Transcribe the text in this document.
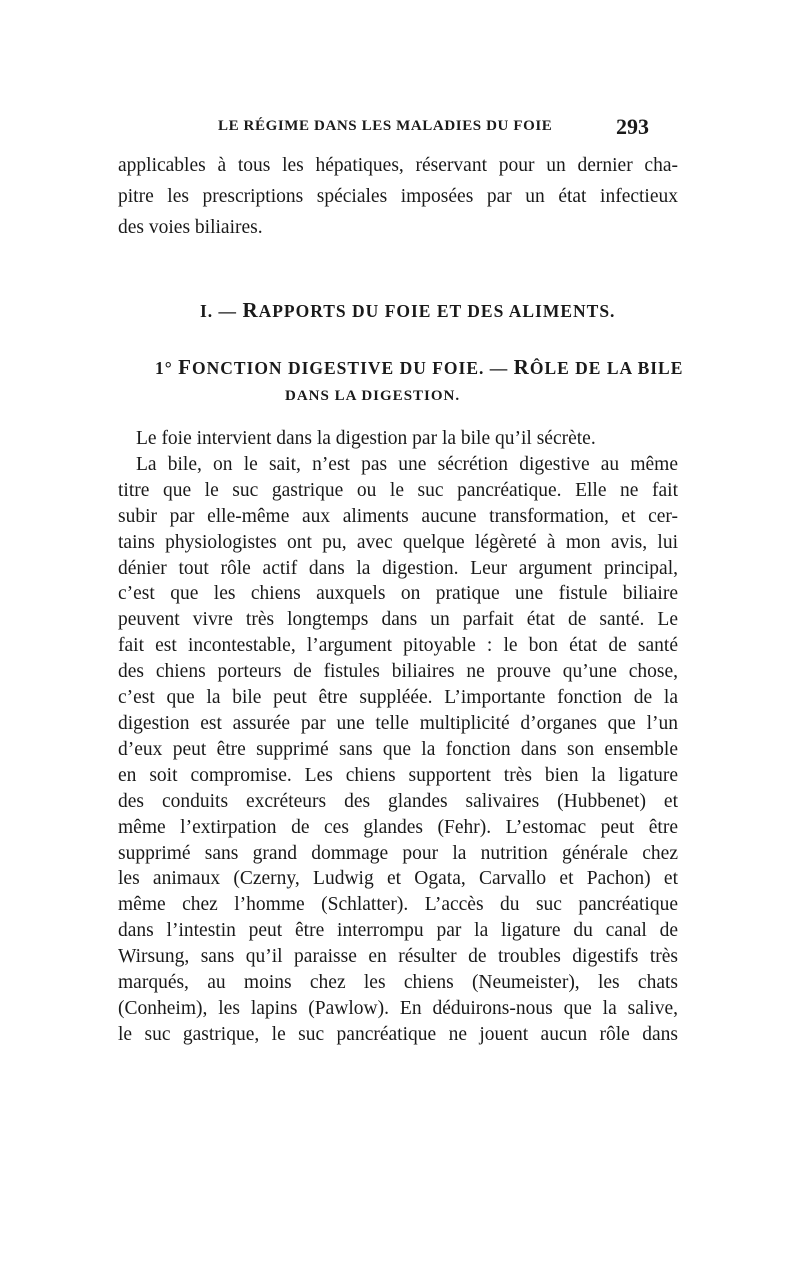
LE RÉGIME DANS LES MALADIES DU FOIE	293
applicables à tous les hépatiques, réservant pour un dernier cha-
pitre les prescriptions spéciales imposées par un état infectieux
des voies biliaires.
I. — RAPPORTS DU FOIE ET DES ALIMENTS.
1° FONCTION DIGESTIVE DU FOIE. — RÔLE DE LA BILE
DANS LA DIGESTION.
Le foie intervient dans la digestion par la bile qu’il sécrète.
La bile, on le sait, n’est pas une sécrétion digestive au même
titre que le suc gastrique ou le suc pancréatique. Elle ne fait
subir par elle-même aux aliments aucune transformation, et cer-
tains physiologistes ont pu, avec quelque légèreté à mon avis, lui
dénier tout rôle actif dans la digestion. Leur argument principal,
c’est que les chiens auxquels on pratique une fistule biliaire
peuvent vivre très longtemps dans un parfait état de santé. Le
fait est incontestable, l’argument pitoyable : le bon état de santé
des chiens porteurs de fistules biliaires ne prouve qu’une chose,
c’est que la bile peut être suppléée. L’importante fonction de la
digestion est assurée par une telle multiplicité d’organes que l’un
d’eux peut être supprimé sans que la fonction dans son ensemble
en soit compromise. Les chiens supportent très bien la ligature
des conduits excréteurs des glandes salivaires (Hubbenet) et
même l’extirpation de ces glandes (Fehr). L’estomac peut être
supprimé sans grand dommage pour la nutrition générale chez
les animaux (Czerny, Ludwig et Ogata, Carvallo et Pachon) et
même chez l’homme (Schlatter). L’accès du suc pancréatique
dans l’intestin peut être interrompu par la ligature du canal de
Wirsung, sans qu’il paraisse en résulter de troubles digestifs très
marqués, au moins chez les chiens (Neumeister), les chats
(Conheim), les lapins (Pawlow). En déduirons-nous que la salive,
le suc gastrique, le suc pancréatique ne jouent aucun rôle dans
